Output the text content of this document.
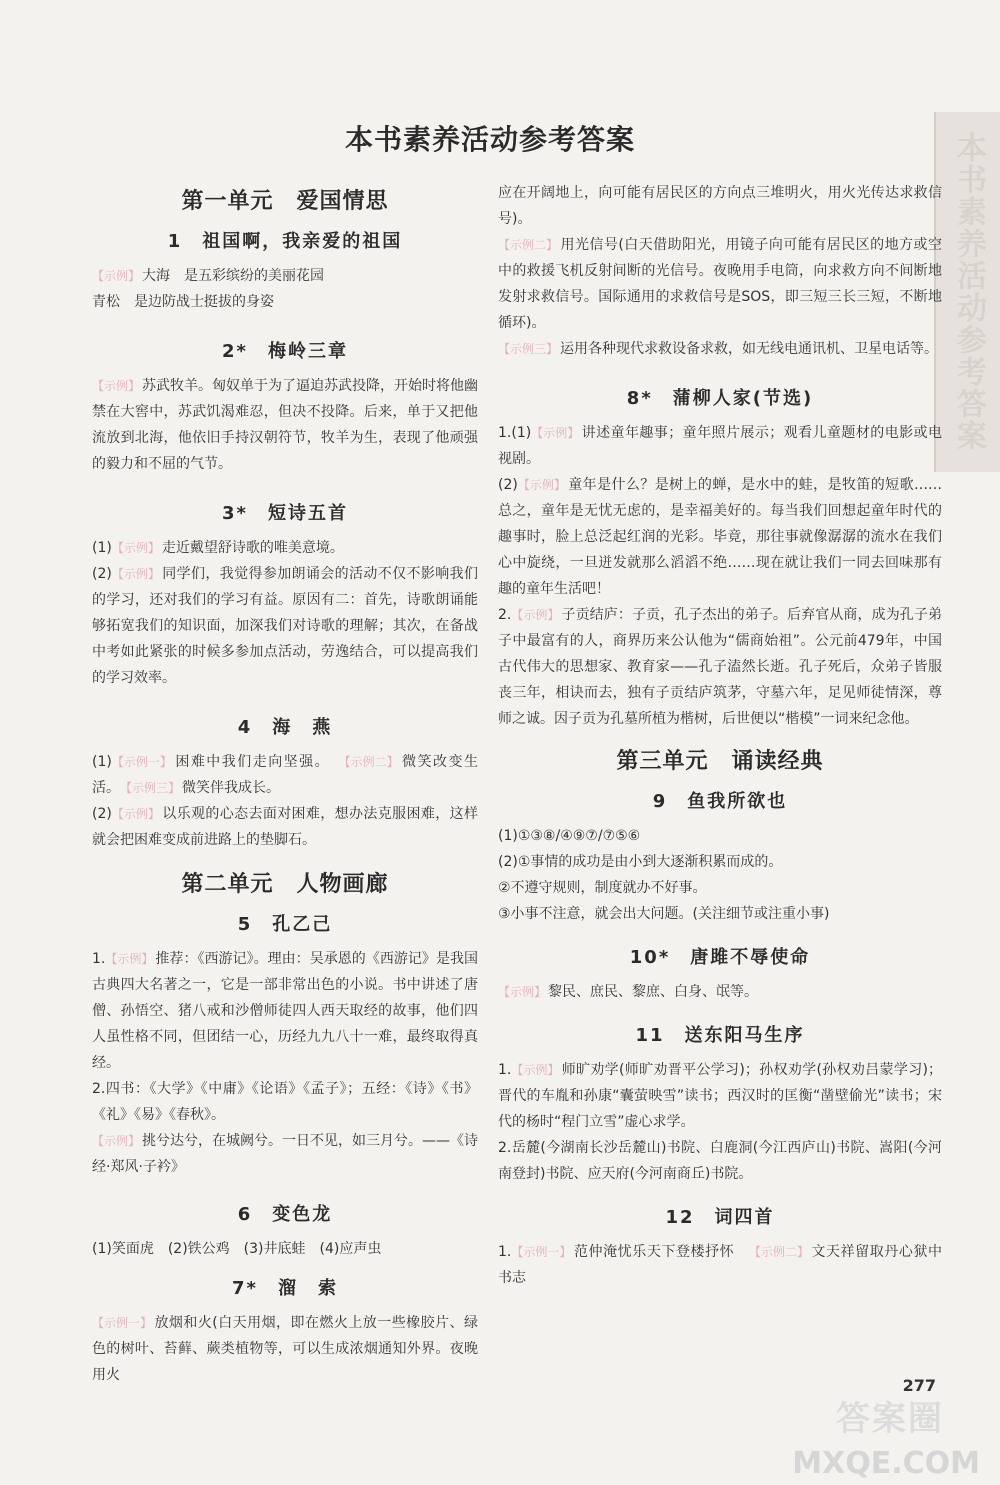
本书素养活动参考答案
本书素养活动参考答案
第一单元　爱国情思
1　祖国啊，我亲爱的祖国

【示例】 大海　是五彩缤纷的美丽花园

青松　是边防战士挺拔的身姿

2*　梅岭三章

【示例】 苏武牧羊。匈奴单于为了逼迫苏武投降，开始时将他幽禁在大窖中，苏武饥渴难忍，但决不投降。后来，单于又把他流放到北海，他依旧手持汉朝符节，牧羊为生，表现了他顽强的毅力和不屈的气节。

3*　短诗五首

(1)【示例】 走近戴望舒诗歌的唯美意境。

(2)【示例】 同学们，我觉得参加朗诵会的活动不仅不影响我们的学习，还对我们的学习有益。原因有二：首先，诗歌朗诵能够拓宽我们的知识面，加深我们对诗歌的理解；其次，在备战中考如此紧张的时候多参加点活动，劳逸结合，可以提高我们的学习效率。

4　海　燕

(1)【示例一】 困难中我们走向坚强。　 【示例二】 微笑改变生活。【示例三】 微笑伴我成长。

(2)【示例】 以乐观的心态去面对困难，想办法克服困难，这样就会把困难变成前进路上的垫脚石。

第二单元　人物画廊
5　孔乙己

1.【示例】 推荐：《西游记》。理由：吴承恩的《西游记》是我国古典四大名著之一，它是一部非常出色的小说。书中讲述了唐僧、孙悟空、猪八戒和沙僧师徒四人西天取经的故事，他们四人虽性格不同，但团结一心，历经九九八十一难，最终取得真经。

2.四书：《大学》《中庸》《论语》《孟子》；五经：《诗》《书》《礼》《易》《春秋》。

【示例】 挑兮达兮，在城阙兮。一日不见，如三月兮。——《诗经·郑风·子衿》

6　变色龙

(1)笑面虎　(2)铁公鸡　(3)井底蛙　(4)应声虫

7*　溜　索

【示例一】 放烟和火(白天用烟，即在燃火上放一些橡胶片、绿色的树叶、苔藓、蕨类植物等，可以生成浓烟通知外界。夜晚用火

应在开阔地上，向可能有居民区的方向点三堆明火，用火光传达求救信号)。

【示例二】 用光信号(白天借助阳光，用镜子向可能有居民区的地方或空中的救援飞机反射间断的光信号。夜晚用手电筒，向求救方向不间断地发射求救信号。国际通用的求救信号是SOS，即三短三长三短，不断地循环)。

【示例三】 运用各种现代求救设备求救，如无线电通讯机、卫星电话等。

8*　蒲柳人家(节选)

1.(1)【示例】 讲述童年趣事；童年照片展示；观看儿童题材的电影或电视剧。

(2)【示例】 童年是什么？是树上的蝉，是水中的蛙，是牧笛的短歌……总之，童年是无忧无虑的，是幸福美好的。每当我们回想起童年时代的趣事时，脸上总泛起红润的光彩。毕竟，那往事就像潺潺的流水在我们心中旋绕，一旦迸发就那么滔滔不绝……现在就让我们一同去回味那有趣的童年生活吧！

2.【示例】 子贡结庐：子贡，孔子杰出的弟子。后弃官从商，成为孔子弟子中最富有的人，商界历来公认他为“儒商始祖”。公元前479年，中国古代伟大的思想家、教育家——孔子溘然长逝。孔子死后，众弟子皆服丧三年，相诀而去，独有子贡结庐筑茅，守墓六年，足见师徒情深，尊师之诚。因子贡为孔墓所植为楷树，后世便以“楷模”一词来纪念他。

第三单元　诵读经典
9　鱼我所欲也

(1)①③⑧/④⑨⑦/⑦⑤⑥

(2)①事情的成功是由小到大逐渐积累而成的。

②不遵守规则，制度就办不好事。

③小事不注意，就会出大问题。(关注细节或注重小事)

10*　唐雎不辱使命

【示例】 黎民、庶民、黎庶、白身、氓等。

11　送东阳马生序

1.【示例】 师旷劝学(师旷劝晋平公学习)；孙权劝学(孙权劝吕蒙学习)；晋代的车胤和孙康“囊萤映雪”读书；西汉时的匡衡“凿壁偷光”读书；宋代的杨时“程门立雪”虚心求学。

2.岳麓(今湖南长沙岳麓山)书院、白鹿洞(今江西庐山)书院、嵩阳(今河南登封)书院、应天府(今河南商丘)书院。

12　词四首

1.【示例一】 范仲淹忧乐天下登楼抒怀　 【示例二】 文天祥留取丹心狱中书志

277
答案圈
MXQE.COM
